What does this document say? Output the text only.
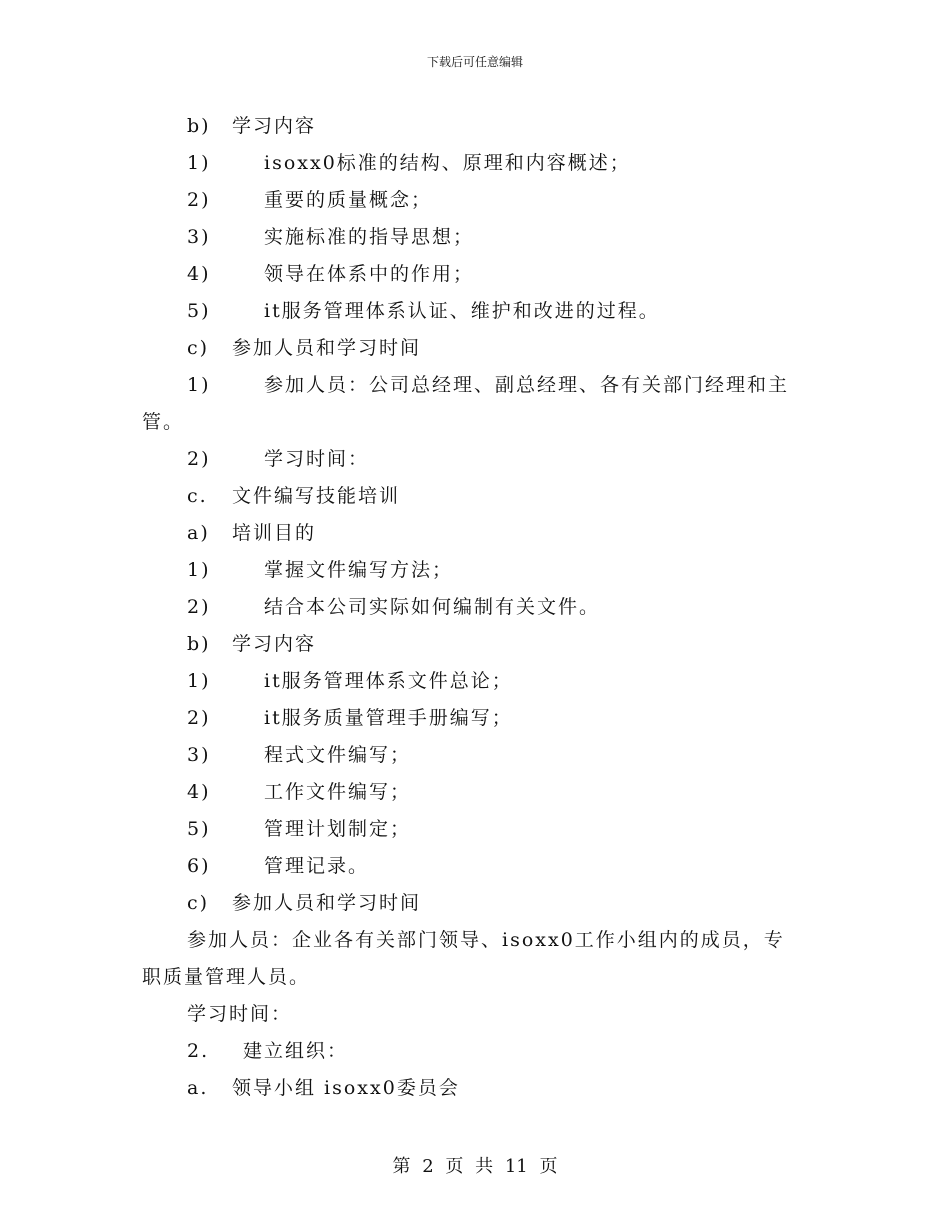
下载后可任意编辑
b) 学习内容
1)	isoxx0标准的结构、原理和内容概述；
2)	重要的质量概念；
3)	实施标准的指导思想；
4)	领导在体系中的作用；
5)	it服务管理体系认证、维护和改进的过程。
c) 参加人员和学习时间
1)	参加人员：公司总经理、副总经理、各有关部门经理和主
管。
2)	学习时间：
c. 文件编写技能培训
a) 培训目的
1)	掌握文件编写方法；
2)	结合本公司实际如何编制有关文件。
b) 学习内容
1)	it服务管理体系文件总论；
2)	it服务质量管理手册编写；
3)	程式文件编写；
4)	工作文件编写；
5)	管理计划制定；
6)	管理记录。
c) 参加人员和学习时间
参加人员：企业各有关部门领导、isoxx0工作小组内的成员，专
职质量管理人员。
学习时间：
2. 建立组织：
a. 领导小组 isoxx0委员会
第 2 页 共 11 页
